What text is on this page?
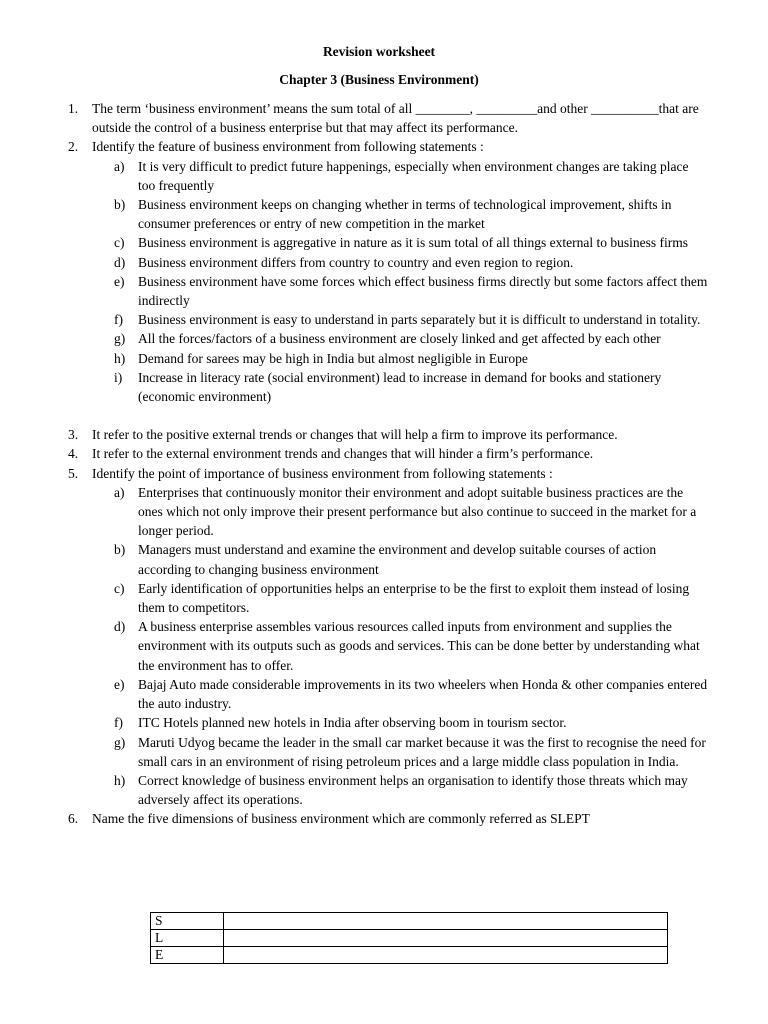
Revision worksheet
Chapter 3 (Business Environment)
1. The term ‘business environment’ means the sum total of all ________, _________and other __________that are outside the control of a business enterprise but that may affect its performance.
2. Identify the feature of business environment from following statements :
a) It is very difficult to predict future happenings, especially when environment changes are taking place too frequently
b) Business environment keeps on changing whether in terms of technological improvement, shifts in consumer preferences or entry of new competition in the market
c) Business environment is aggregative in nature as it is sum total of all things external to business firms
d) Business environment differs from country to country and even region to region.
e) Business environment have some forces which effect business firms directly but some factors affect them indirectly
f) Business environment is easy to understand in parts separately but it is difficult to understand in totality.
g) All the forces/factors of a business environment are closely linked and get affected by each other
h) Demand for sarees may be high in India but almost negligible in Europe
i) Increase in literacy rate (social environment) lead to increase in demand for books and stationery (economic environment)
3. It refer to the positive external trends or changes that will help a firm to improve its performance.
4. It refer to the external environment trends and changes that will hinder a firm’s performance.
5. Identify the point of importance of business environment from following statements :
a) Enterprises that continuously monitor their environment and adopt suitable business practices are the ones which not only improve their present performance but also continue to succeed in the market for a longer period.
b) Managers must understand and examine the environment and develop suitable courses of action according to changing business environment
c) Early identification of opportunities helps an enterprise to be the first to exploit them instead of losing them to competitors.
d) A business enterprise assembles various resources called inputs from environment and supplies the environment with its outputs such as goods and services. This can be done better by understanding what the environment has to offer.
e) Bajaj Auto made considerable improvements in its two wheelers when Honda & other companies entered the auto industry.
f) ITC Hotels planned new hotels in India after observing boom in tourism sector.
g) Maruti Udyog became the leader in the small car market because it was the first to recognise the need for small cars in an environment of rising petroleum prices and a large middle class population in India.
h) Correct knowledge of business environment helps an organisation to identify those threats which may adversely affect its operations.
6. Name the five dimensions of business environment which are commonly referred as SLEPT
S	
L	
E	
